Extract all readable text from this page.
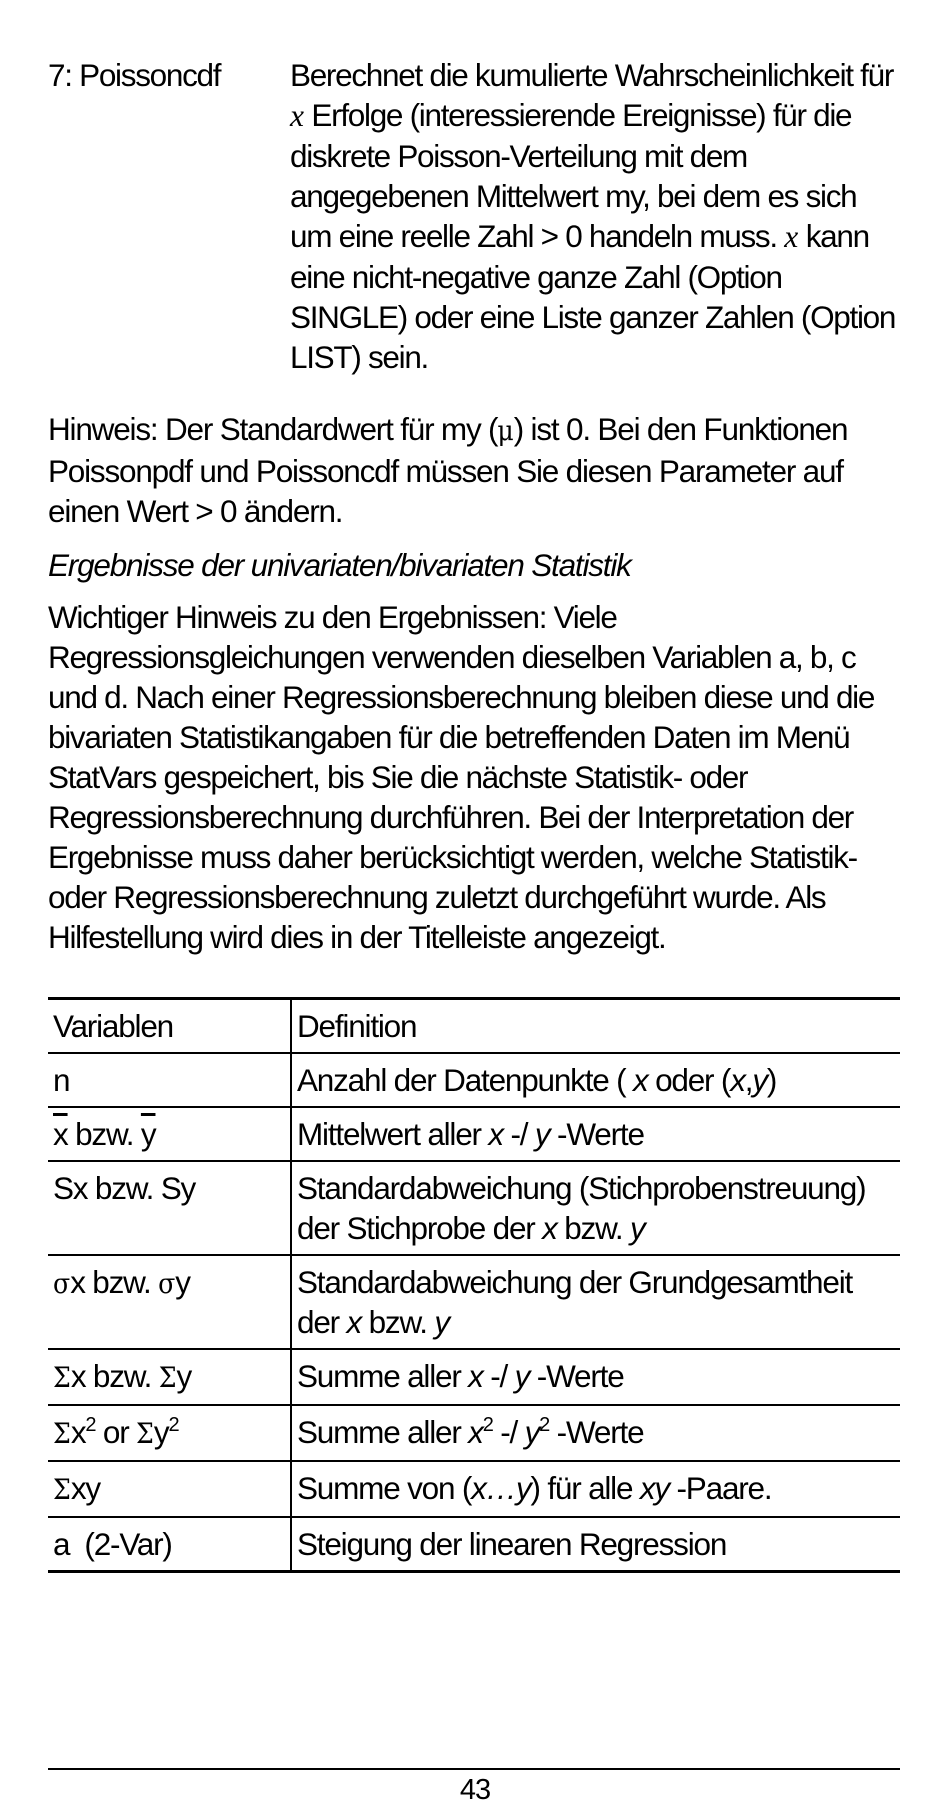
7: Poissoncdf	Berechnet die kumulierte Wahrscheinlichkeit für x Erfolge (interessierende Ereignisse) für die diskrete Poisson-Verteilung mit dem angegebenen Mittelwert my, bei dem es sich um eine reelle Zahl > 0 handeln muss. x kann eine nicht-negative ganze Zahl (Option SINGLE) oder eine Liste ganzer Zahlen (Option LIST) sein.
Hinweis: Der Standardwert für my (μ) ist 0. Bei den Funktionen Poissonpdf und Poissoncdf müssen Sie diesen Parameter auf einen Wert > 0 ändern.
Ergebnisse der univariaten/bivariaten Statistik
Wichtiger Hinweis zu den Ergebnissen: Viele Regressionsgleichungen verwenden dieselben Variablen a, b, c und d. Nach einer Regressionsberechnung bleiben diese und die bivariaten Statistikangaben für die betreffenden Daten im Menü StatVars gespeichert, bis Sie die nächste Statistik- oder Regressionsberechnung durchführen. Bei der Interpretation der Ergebnisse muss daher berücksichtigt werden, welche Statistik- oder Regressionsberechnung zuletzt durchgeführt wurde. Als Hilfestellung wird dies in der Titelleiste angezeigt.
Variablen	Definition
n	Anzahl der Datenpunkte ( x oder (x,y)
$\overline{x}$ bzw. $\overline{y}$	Mittelwert aller x -/ y -Werte
Sx bzw. Sy	Standardabweichung (Stichprobenstreuung) der Stichprobe der x bzw. y
σx bzw. σy	Standardabweichung der Grundgesamtheit der x bzw. y
Σx bzw. Σy	Summe aller x -/ y -Werte
$\Sigma x^2$ or $\Sigma y^2$	Summe aller $x^2 -/ y^2$ -Werte
Σxy	Summe von (x…y) für alle xy -Paare.
a  (2-Var)	Steigung der linearen Regression
43
